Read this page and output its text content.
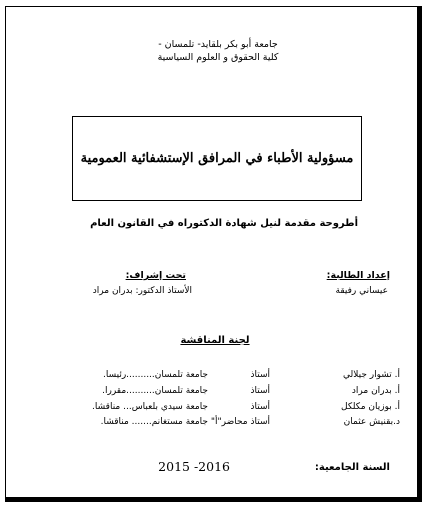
جامعة أبو بكر بلقايد- تلمسان -
كلية الحقوق و العلوم السياسية
مسؤولية الأطباء في المرافق الإستشفائية العمومية
أطروحة مقدمة لنيل شهادة الدكتوراه في القانون العام
إعداد الطالبة:
عيساني رفيقة
تحت إشراف:
الأستاذ الدكتور: بدران مراد
لجنة المناقشة
أ. تشوار جيلالي
أستاذ
جامعة تلمسان..........رئيسا.
أ. بدران مراد
أستاذ
جامعة تلمسان..........مقررا.
أ. بوزيان مكلكل
أستاذ
جامعة سيدي بلعباس... مناقشا.
د.بقنيش عثمان
أستاذ محاضر"أ"
جامعة مستغانم....... مناقشا.
السنة الجامعية:
2015 -2016
